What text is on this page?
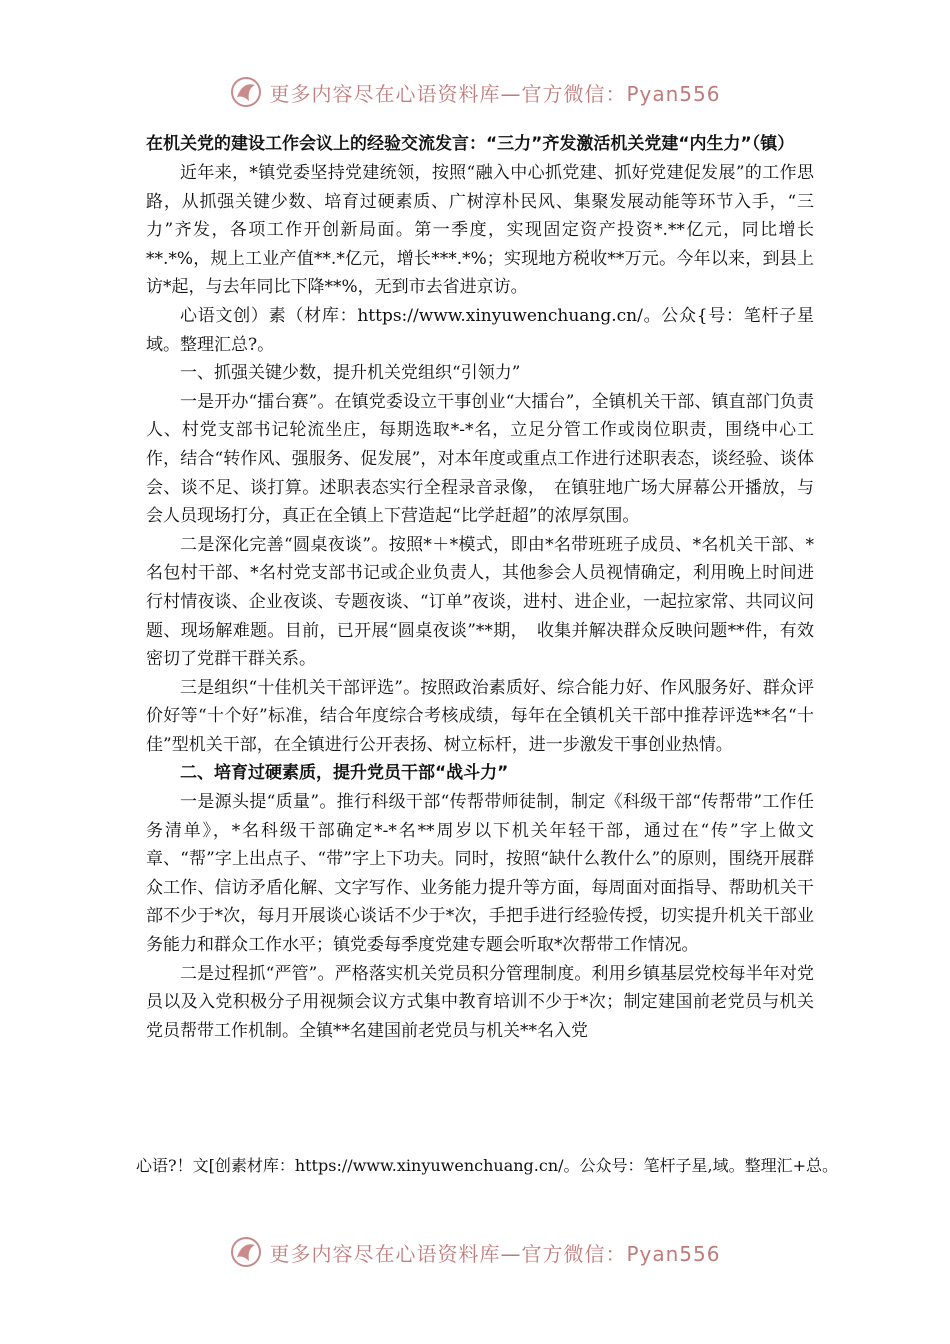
更多内容尽在心语资料库—官方微信：Pyan556

在机关党的建设工作会议上的经验交流发言：“三力”齐发激活机关党建“内生力”（镇）

近年来，*镇党委坚持党建统领，按照“融入中心抓党建、抓好党建促发展”的工作思路，从抓强关键少数、培育过硬素质、广树淳朴民风、集聚发展动能等环节入手，“三力”齐发，各项工作开创新局面。第一季度，实现固定资产投资*.**亿元，同比增长**.*%，规上工业产值**.*亿元，增长***.*%；实现地方税收**万元。今年以来，到县上访*起，与去年同比下降**%，无到市去省进京访。

心语文创）素（材库：https://www.xinyuwenchuang.cn/。公众{号：笔杆子星域。整理汇总?。

一、抓强关键少数，提升机关党组织“引领力”

一是开办“擂台赛”。在镇党委设立干事创业“大擂台”，全镇机关干部、镇直部门负责人、村党支部书记轮流坐庄，每期选取*-*名，立足分管工作或岗位职责，围绕中心工作，结合“转作风、强服务、促发展”，对本年度或重点工作进行述职表态，谈经验、谈体会、谈不足、谈打算。述职表态实行全程录音录像，　在镇驻地广场大屏幕公开播放，与会人员现场打分，真正在全镇上下营造起“比学赶超”的浓厚氛围。

二是深化完善“圆桌夜谈”。按照*＋*模式，即由*名带班班子成员、*名机关干部、*名包村干部、*名村党支部书记或企业负责人，其他参会人员视情确定，利用晚上时间进行村情夜谈、企业夜谈、专题夜谈、“订单”夜谈，进村、进企业，一起拉家常、共同议问题、现场解难题。目前，已开展“圆桌夜谈”**期，　收集并解决群众反映问题**件，有效密切了党群干群关系。

三是组织“十佳机关干部评选”。按照政治素质好、综合能力好、作风服务好、群众评价好等“十个好”标准，结合年度综合考核成绩，每年在全镇机关干部中推荐评选**名“十佳”型机关干部，在全镇进行公开表扬、树立标杆，进一步激发干事创业热情。

二、培育过硬素质，提升党员干部“战斗力”

一是源头提“质量”。推行科级干部“传帮带师徒制，制定《科级干部“传帮带”工作任务清单》，*名科级干部确定*-*名**周岁以下机关年轻干部，通过在“传”字上做文章、“帮”字上出点子、“带”字上下功夫。同时，按照“缺什么教什么”的原则，围绕开展群众工作、信访矛盾化解、文字写作、业务能力提升等方面，每周面对面指导、帮助机关干部不少于*次，每月开展谈心谈话不少于*次，手把手进行经验传授，切实提升机关干部业务能力和群众工作水平；镇党委每季度党建专题会听取*次帮带工作情况。

二是过程抓“严管”。严格落实机关党员积分管理制度。利用乡镇基层党校每半年对党员以及入党积极分子用视频会议方式集中教育培训不少于*次；制定建国前老党员与机关党员帮带工作机制。全镇**名建国前老党员与机关**名入党

心语?！文[创素材库：https://www.xinyuwenchuang.cn/。公众号：笔杆子星,域。整理汇+总。

更多内容尽在心语资料库—官方微信：Pyan556
